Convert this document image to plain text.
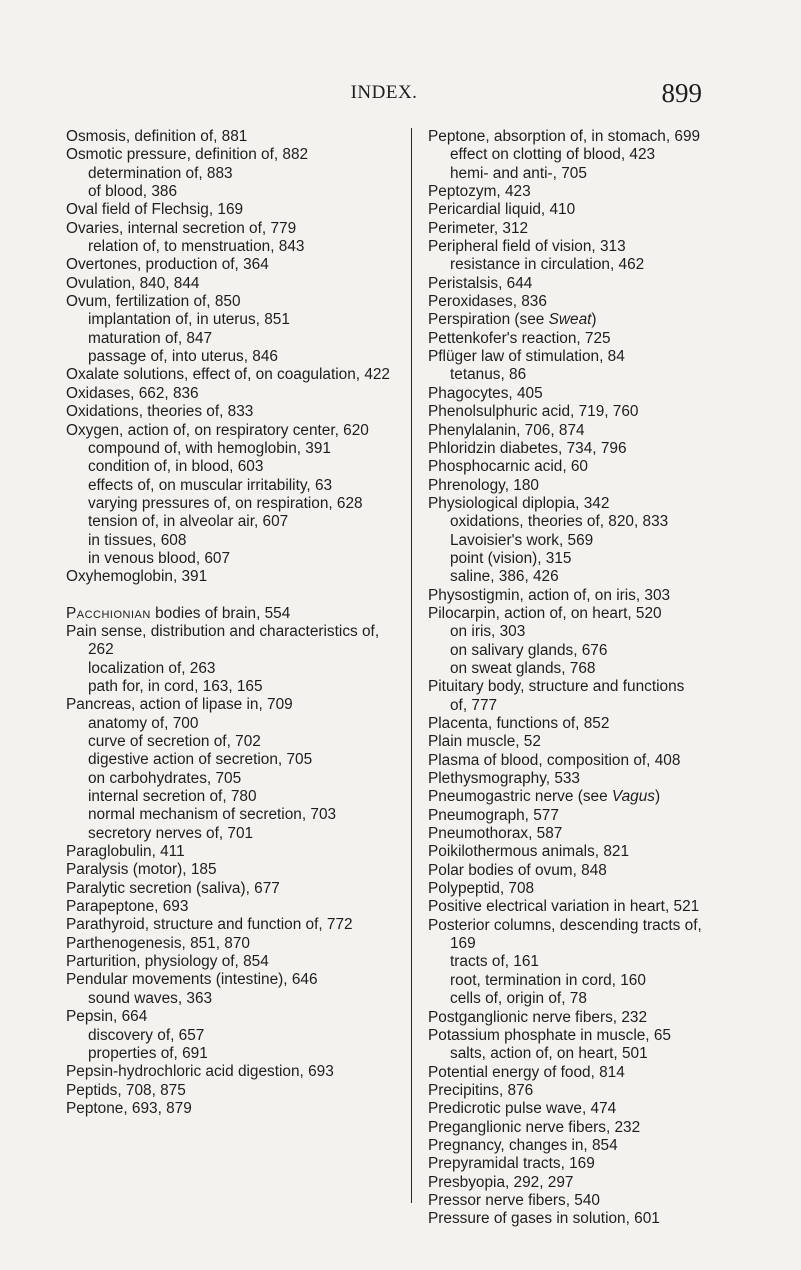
INDEX.	899
Osmosis, definition of, 881
Osmotic pressure, definition of, 882
determination of, 883
of blood, 386
Oval field of Flechsig, 169
Ovaries, internal secretion of, 779
relation of, to menstruation, 843
Overtones, production of, 364
Ovulation, 840, 844
Ovum, fertilization of, 850
implantation of, in uterus, 851
maturation of, 847
passage of, into uterus, 846
Oxalate solutions, effect of, on coagulation, 422
Oxidases, 662, 836
Oxidations, theories of, 833
Oxygen, action of, on respiratory center, 620
compound of, with hemoglobin, 391
condition of, in blood, 603
effects of, on muscular irritability, 63
varying pressures of, on respiration, 628
tension of, in alveolar air, 607
in tissues, 608
in venous blood, 607
Oxyhemoglobin, 391
Pacchionian bodies of brain, 554
Pain sense, distribution and characteristics of, 262
localization of, 263
path for, in cord, 163, 165
Pancreas, action of lipase in, 709
anatomy of, 700
curve of secretion of, 702
digestive action of secretion, 705
on carbohydrates, 705
internal secretion of, 780
normal mechanism of secretion, 703
secretory nerves of, 701
Paraglobulin, 411
Paralysis (motor), 185
Paralytic secretion (saliva), 677
Parapeptone, 693
Parathyroid, structure and function of, 772
Parthenogenesis, 851, 870
Parturition, physiology of, 854
Pendular movements (intestine), 646
sound waves, 363
Pepsin, 664
discovery of, 657
properties of, 691
Pepsin-hydrochloric acid digestion, 693
Peptids, 708, 875
Peptone, 693, 879
Peptone, absorption of, in stomach, 699
effect on clotting of blood, 423
hemi- and anti-, 705
Peptozym, 423
Pericardial liquid, 410
Perimeter, 312
Peripheral field of vision, 313
resistance in circulation, 462
Peristalsis, 644
Peroxidases, 836
Perspiration (see Sweat)
Pettenkofer's reaction, 725
Pflüger law of stimulation, 84
tetanus, 86
Phagocytes, 405
Phenolsulphuric acid, 719, 760
Phenylalanin, 706, 874
Phloridzin diabetes, 734, 796
Phosphocarnic acid, 60
Phrenology, 180
Physiological diplopia, 342
oxidations, theories of, 820, 833
Lavoisier's work, 569
point (vision), 315
saline, 386, 426
Physostigmin, action of, on iris, 303
Pilocarpin, action of, on heart, 520
on iris, 303
on salivary glands, 676
on sweat glands, 768
Pituitary body, structure and functions of, 777
Placenta, functions of, 852
Plain muscle, 52
Plasma of blood, composition of, 408
Plethysmography, 533
Pneumogastric nerve (see Vagus)
Pneumograph, 577
Pneumothorax, 587
Poikilothermous animals, 821
Polar bodies of ovum, 848
Polypeptid, 708
Positive electrical variation in heart, 521
Posterior columns, descending tracts of, 169
tracts of, 161
root, termination in cord, 160
cells of, origin of, 78
Postganglionic nerve fibers, 232
Potassium phosphate in muscle, 65
salts, action of, on heart, 501
Potential energy of food, 814
Precipitins, 876
Predicrotic pulse wave, 474
Preganglionic nerve fibers, 232
Pregnancy, changes in, 854
Prepyramidal tracts, 169
Presbyopia, 292, 297
Pressor nerve fibers, 540
Pressure of gases in solution, 601
